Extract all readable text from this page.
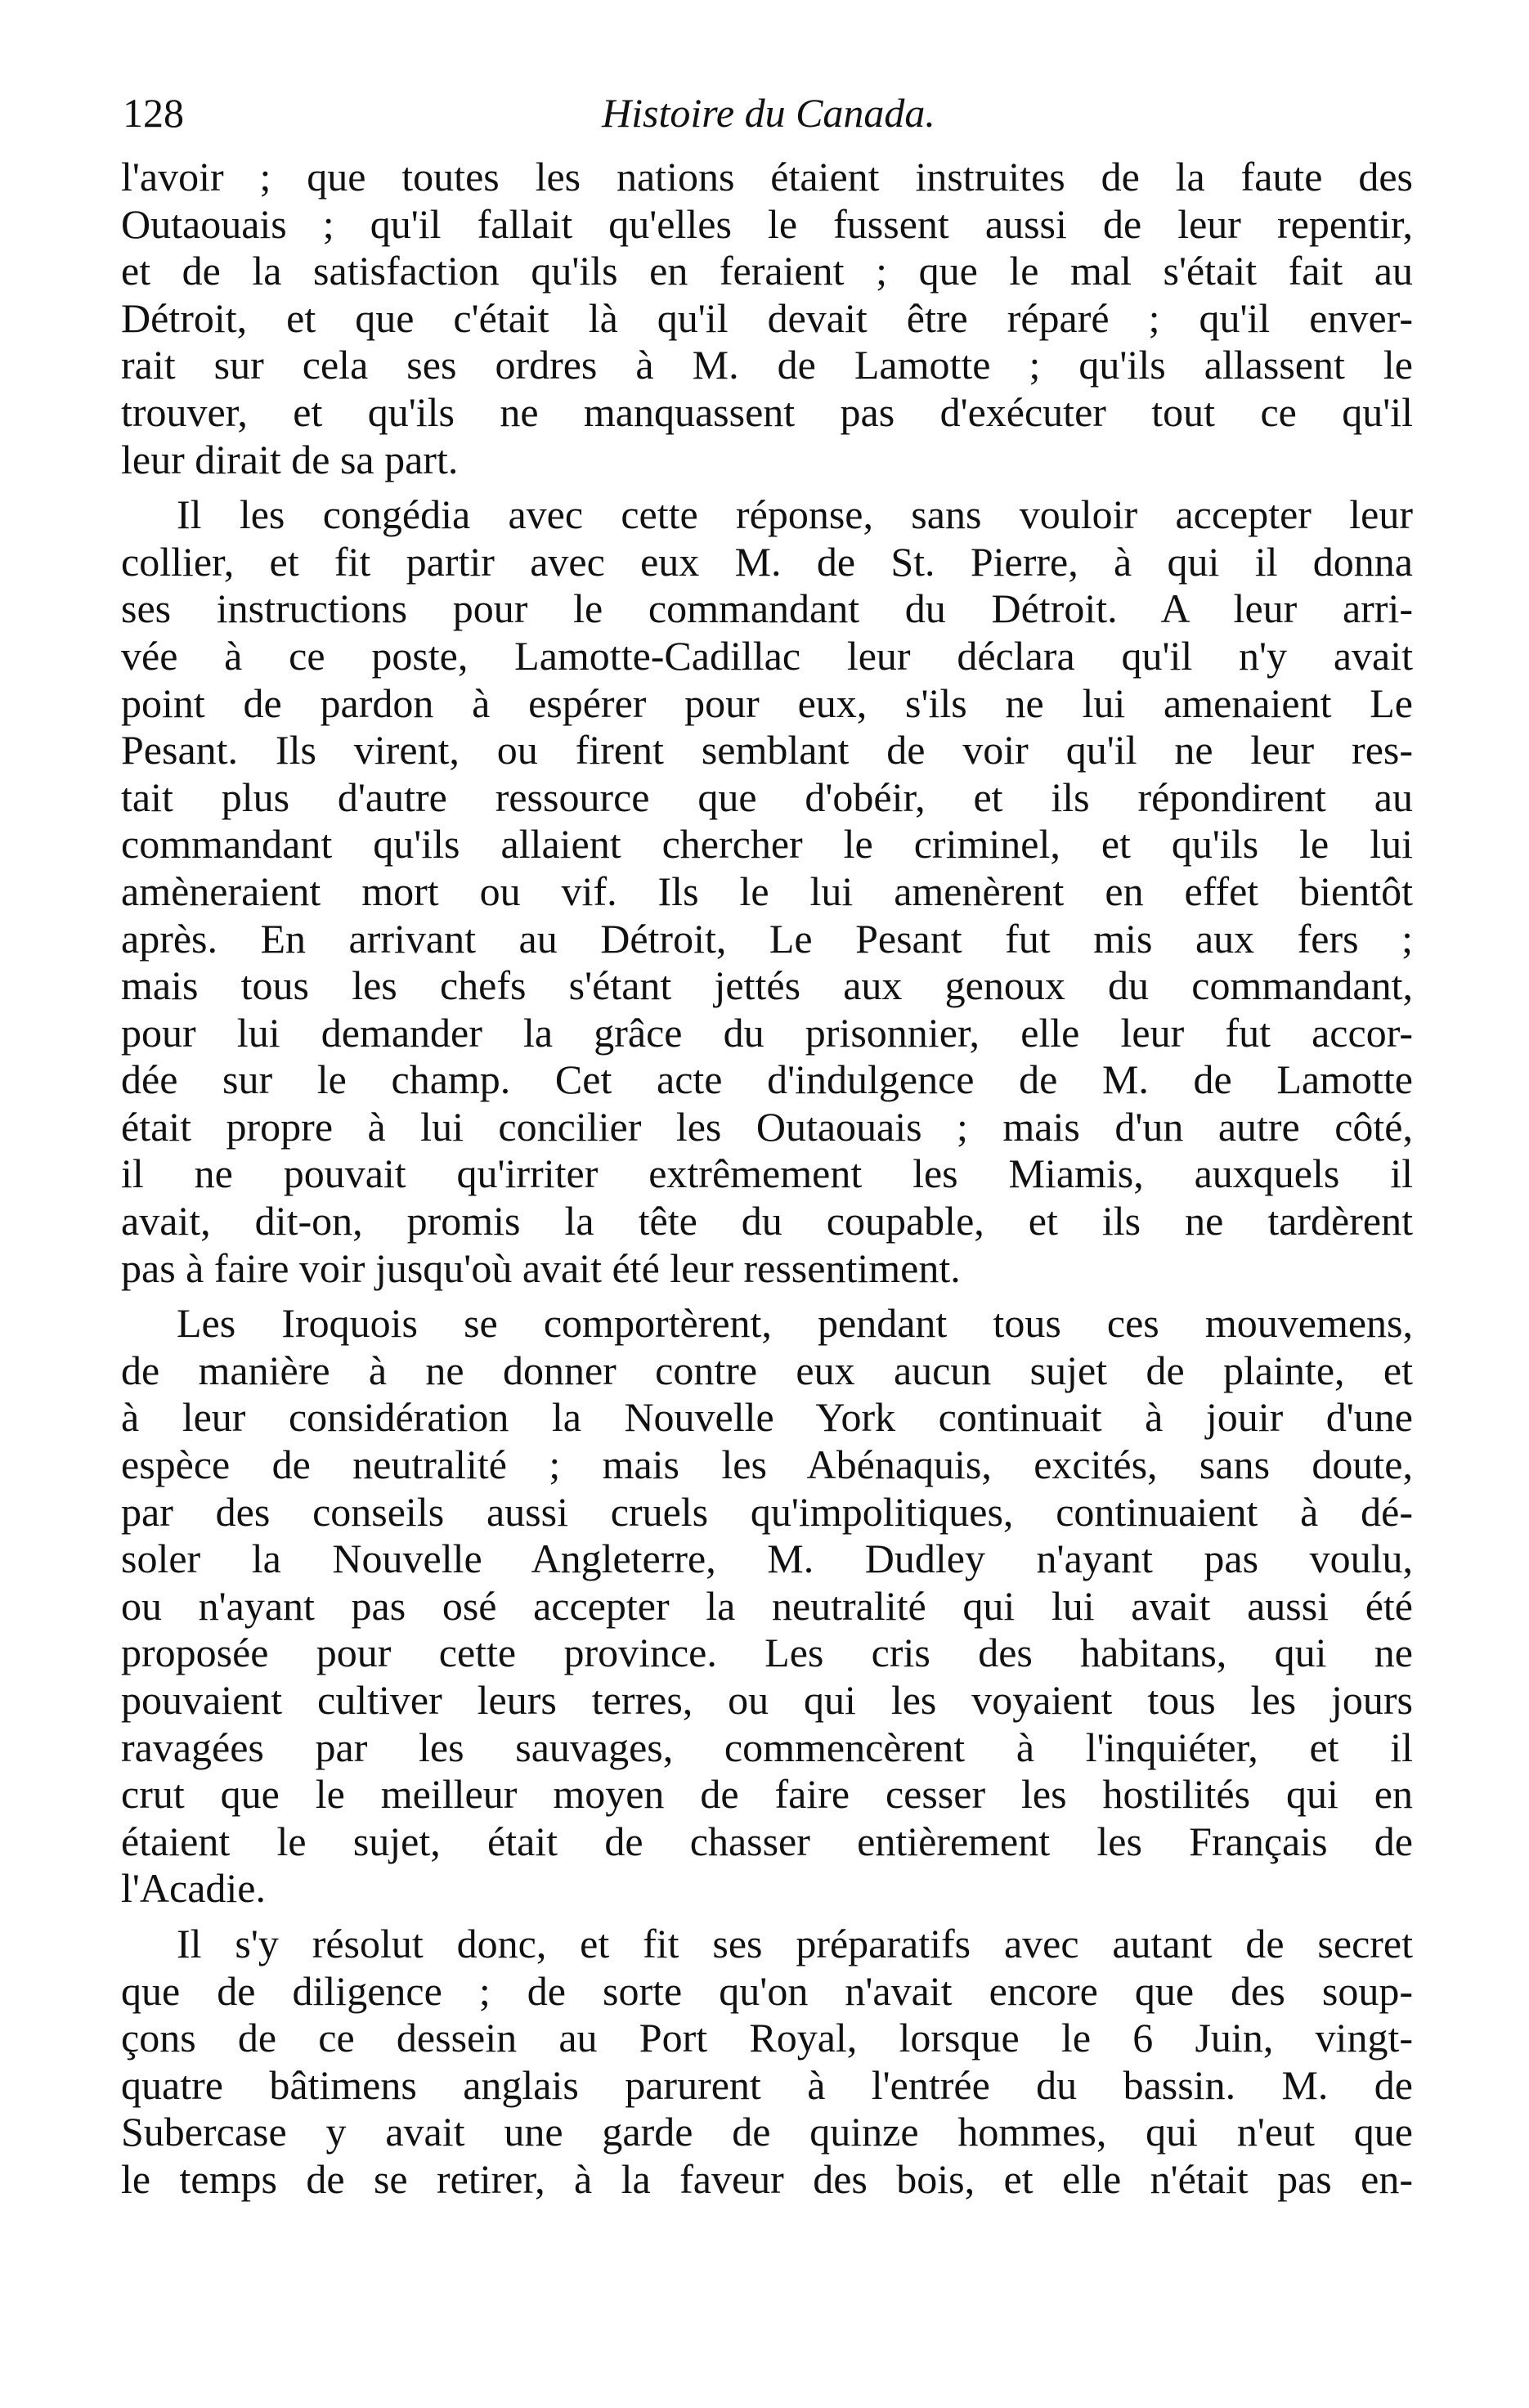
128	Histoire du Canada.
l'avoir ; que toutes les nations étaient instruites de la faute des
Outaouais ; qu'il fallait qu'elles le fussent aussi de leur repentir,
et de la satisfaction qu'ils en feraient ; que le mal s'était fait au
Détroit, et que c'était là qu'il devait être réparé ; qu'il enver-
rait sur cela ses ordres à M. de Lamotte ; qu'ils allassent le
trouver, et qu'ils ne manquassent pas d'exécuter tout ce qu'il
leur dirait de sa part.
Il les congédia avec cette réponse, sans vouloir accepter leur
collier, et fit partir avec eux M. de St. Pierre, à qui il donna
ses instructions pour le commandant du Détroit. A leur arri-
vée à ce poste, Lamotte-Cadillac leur déclara qu'il n'y avait
point de pardon à espérer pour eux, s'ils ne lui amenaient Le
Pesant. Ils virent, ou firent semblant de voir qu'il ne leur res-
tait plus d'autre ressource que d'obéir, et ils répondirent au
commandant qu'ils allaient chercher le criminel, et qu'ils le lui
amèneraient mort ou vif. Ils le lui amenèrent en effet bientôt
après. En arrivant au Détroit, Le Pesant fut mis aux fers ;
mais tous les chefs s'étant jettés aux genoux du commandant,
pour lui demander la grâce du prisonnier, elle leur fut accor-
dée sur le champ. Cet acte d'indulgence de M. de Lamotte
était propre à lui concilier les Outaouais ; mais d'un autre côté,
il ne pouvait qu'irriter extrêmement les Miamis, auxquels il
avait, dit-on, promis la tête du coupable, et ils ne tardèrent
pas à faire voir jusqu'où avait été leur ressentiment.
Les Iroquois se comportèrent, pendant tous ces mouvemens,
de manière à ne donner contre eux aucun sujet de plainte, et
à leur considération la Nouvelle York continuait à jouir d'une
espèce de neutralité ; mais les Abénaquis, excités, sans doute,
par des conseils aussi cruels qu'impolitiques, continuaient à dé-
soler la Nouvelle Angleterre, M. Dudley n'ayant pas voulu,
ou n'ayant pas osé accepter la neutralité qui lui avait aussi été
proposée pour cette province. Les cris des habitans, qui ne
pouvaient cultiver leurs terres, ou qui les voyaient tous les jours
ravagées par les sauvages, commencèrent à l'inquiéter, et il
crut que le meilleur moyen de faire cesser les hostilités qui en
étaient le sujet, était de chasser entièrement les Français de
l'Acadie.
Il s'y résolut donc, et fit ses préparatifs avec autant de secret
que de diligence ; de sorte qu'on n'avait encore que des soup-
çons de ce dessein au Port Royal, lorsque le 6 Juin, vingt-
quatre bâtimens anglais parurent à l'entrée du bassin. M. de
Subercase y avait une garde de quinze hommes, qui n'eut que
le temps de se retirer, à la faveur des bois, et elle n'était pas en-
